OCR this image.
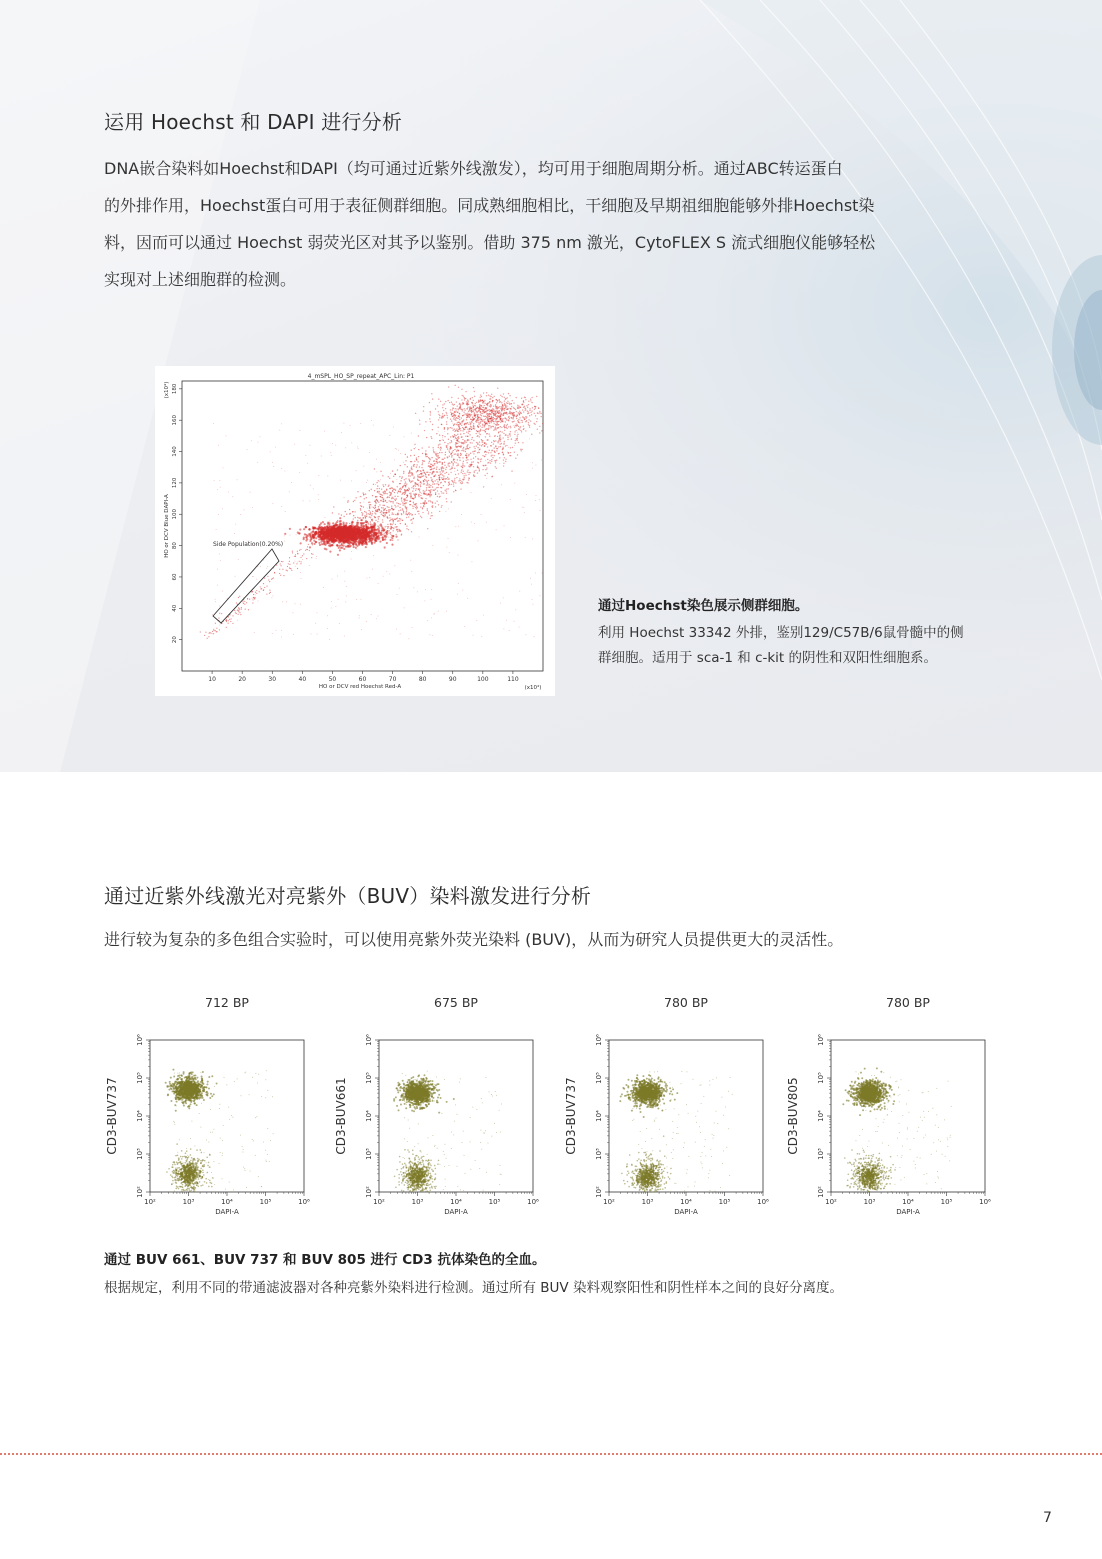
运用 Hoechst 和 DAPI 进行分析
DNA嵌合染料如Hoechst和DAPI（均可通过近紫外线激发），均可用于细胞周期分析。通过ABC转运蛋白
的外排作用，Hoechst蛋白可用于表征侧群细胞。同成熟细胞相比，干细胞及早期祖细胞能够外排Hoechst染
料，因而可以通过 Hoechst 弱荧光区对其予以鉴别。借助 375 nm 激光，CytoFLEX S 流式细胞仪能够轻松
实现对上述细胞群的检测。
4_mSPL_HO_SP_repeat_APC_Lin: P1
10	20	30	40	50	60	70	80	90	100	110
20
40
60
80
100
120
140
160
180
Side Population(0.20%)
HO or DCV red Hoechst Red-A	(x10⁴)
HO or DCV Blue DAPI-A
(x10⁴)

通过Hoechst染色展示侧群细胞。

利用 Hoechst 33342 外排，鉴别129/C57B/6鼠骨髓中的侧
群细胞。适用于 sca-1 和 c-kit 的阴性和双阳性细胞系。
通过近紫外线激光对亮紫外（BUV）染料激发进行分析

进行较为复杂的多色组合实验时，可以使用亮紫外荧光染料 (BUV)，从而为研究人员提供更大的灵活性。

712 BP
10²
10²
10³
10³
10⁴
10⁴
10⁵
10⁵
10⁶
10⁶
DAPI-A
CD3-BUV737
675 BP
10²
10²
10³
10³
10⁴
10⁴
10⁵
10⁵
10⁶
10⁶
DAPI-A
CD3-BUV661
780 BP
10²
10²
10³
10³
10⁴
10⁴
10⁵
10⁵
10⁶
10⁶
DAPI-A
CD3-BUV737
780 BP
10²
10²
10³
10³
10⁴
10⁴
10⁵
10⁵
10⁶
10⁶
DAPI-A
CD3-BUV805

通过 BUV 661、BUV 737 和 BUV 805 进行 CD3 抗体染色的全血。

根据规定，利用不同的带通滤波器对各种亮紫外染料进行检测。通过所有 BUV 染料观察阳性和阴性样本之间的良好分离度。

7
